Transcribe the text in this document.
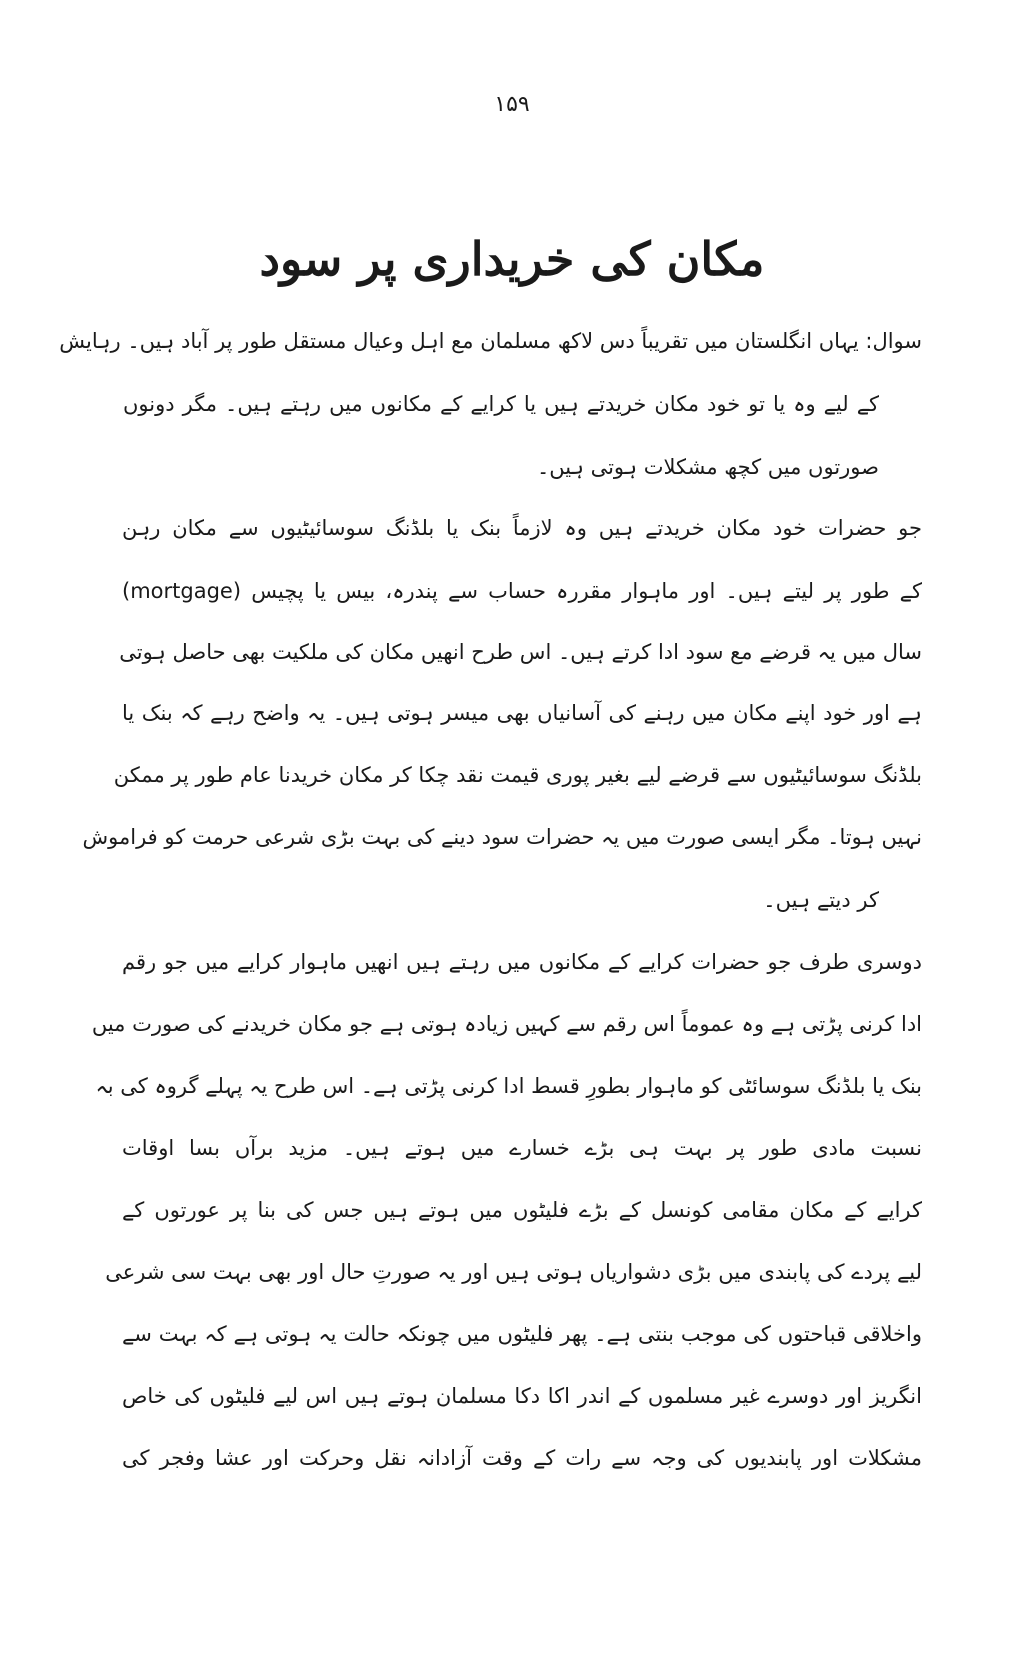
۱۵۹
مکان کی خریداری پر سود
سوال: یہاں انگلستان میں تقریباً دس لاکھ مسلمان مع اہل وعیال مستقل طور پر آباد ہیں۔ رہایش
کے لیے وہ یا تو خود مکان خریدتے ہیں یا کرایے کے مکانوں میں رہتے ہیں۔ مگر دونوں
صورتوں میں کچھ مشکلات ہوتی ہیں۔
جو حضرات خود مکان خریدتے ہیں وہ لازماً بنک یا بلڈنگ سوسائیٹیوں سے مکان رہن
(mortgage) کے طور پر لیتے ہیں۔ اور ماہوار مقررہ حساب سے پندرہ، بیس یا پچیس
سال میں یہ قرضے مع سود ادا کرتے ہیں۔ اس طرح انھیں مکان کی ملکیت بھی حاصل ہوتی
ہے اور خود اپنے مکان میں رہنے کی آسانیاں بھی میسر ہوتی ہیں۔ یہ واضح رہے کہ بنک یا
بلڈنگ سوسائیٹیوں سے قرضے لیے بغیر پوری قیمت نقد چکا کر مکان خریدنا عام طور پر ممکن
نہیں ہوتا۔ مگر ایسی صورت میں یہ حضرات سود دینے کی بہت بڑی شرعی حرمت کو فراموش
کر دیتے ہیں۔
دوسری طرف جو حضرات کرایے کے مکانوں میں رہتے ہیں انھیں ماہوار کرایے میں جو رقم
ادا کرنی پڑتی ہے وہ عموماً اس رقم سے کہیں زیادہ ہوتی ہے جو مکان خریدنے کی صورت میں
بنک یا بلڈنگ سوسائٹی کو ماہوار بطورِ قسط ادا کرنی پڑتی ہے۔ اس طرح یہ پہلے گروہ کی بہ
نسبت مادی طور پر بہت ہی بڑے خسارے میں ہوتے ہیں۔ مزید برآں بسا اوقات
کرایے کے مکان مقامی کونسل کے بڑے فلیٹوں میں ہوتے ہیں جس کی بنا پر عورتوں کے
لیے پردے کی پابندی میں بڑی دشواریاں ہوتی ہیں اور یہ صورتِ حال اور بھی بہت سی شرعی
واخلاقی قباحتوں کی موجب بنتی ہے۔ پھر فلیٹوں میں چونکہ حالت یہ ہوتی ہے کہ بہت سے
انگریز اور دوسرے غیر مسلموں کے اندر اکا دکا مسلمان ہوتے ہیں اس لیے فلیٹوں کی خاص
مشکلات اور پابندیوں کی وجہ سے رات کے وقت آزادانہ نقل وحرکت اور عشا وفجر کی
